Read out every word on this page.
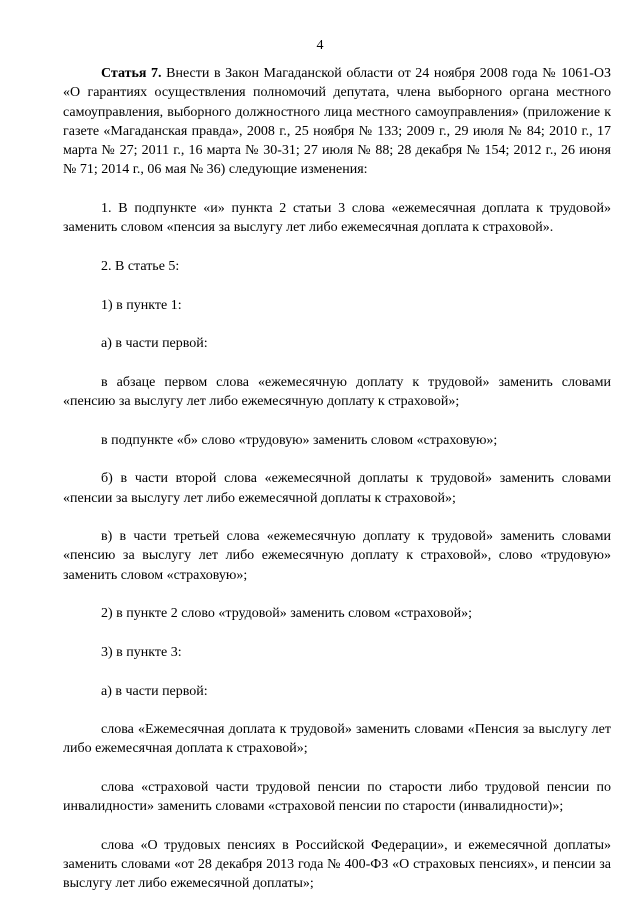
4

Статья 7. Внести в Закон Магаданской области от 24 ноября 2008 года № 1061-ОЗ «О гарантиях осуществления полномочий депутата, члена выборного органа местного самоуправления, выборного должностного лица местного самоуправления» (приложение к газете «Магаданская правда», 2008 г., 25 ноября № 133; 2009 г., 29 июля № 84; 2010 г., 17 марта № 27; 2011 г., 16 марта № 30-31; 27 июля № 88; 28 декабря № 154; 2012 г., 26 июня № 71; 2014 г., 06 мая № 36) следующие изменения:

1. В подпункте «и» пункта 2 статьи 3 слова «ежемесячная доплата к трудовой» заменить словом «пенсия за выслугу лет либо ежемесячная доплата к страховой».

2. В статье 5:

1) в пункте 1:

а) в части первой:

в абзаце первом слова «ежемесячную доплату к трудовой» заменить словами «пенсию за выслугу лет либо ежемесячную доплату к страховой»;

в подпункте «б» слово «трудовую» заменить словом «страховую»;

б) в части второй слова «ежемесячной доплаты к трудовой» заменить словами «пенсии за выслугу лет либо ежемесячной доплаты к страховой»;

в) в части третьей слова «ежемесячную доплату к трудовой» заменить словами «пенсию за выслугу лет либо ежемесячную доплату к страховой», слово «трудовую» заменить словом «страховую»;

2) в пункте 2 слово «трудовой» заменить словом «страховой»;

3) в пункте 3:

а) в части первой:

слова «Ежемесячная доплата к трудовой» заменить словами «Пенсия за выслугу лет либо ежемесячная доплата к страховой»;

слова «страховой части трудовой пенсии по старости либо трудовой пенсии по инвалидности» заменить словами «страховой пенсии по старости (инвалидности)»;

слова «О трудовых пенсиях в Российской Федерации», и ежемесячной доплаты» заменить словами «от 28 декабря 2013 года № 400-ФЗ «О страховых пенсиях», и пенсии за выслугу лет либо ежемесячной доплаты»;
